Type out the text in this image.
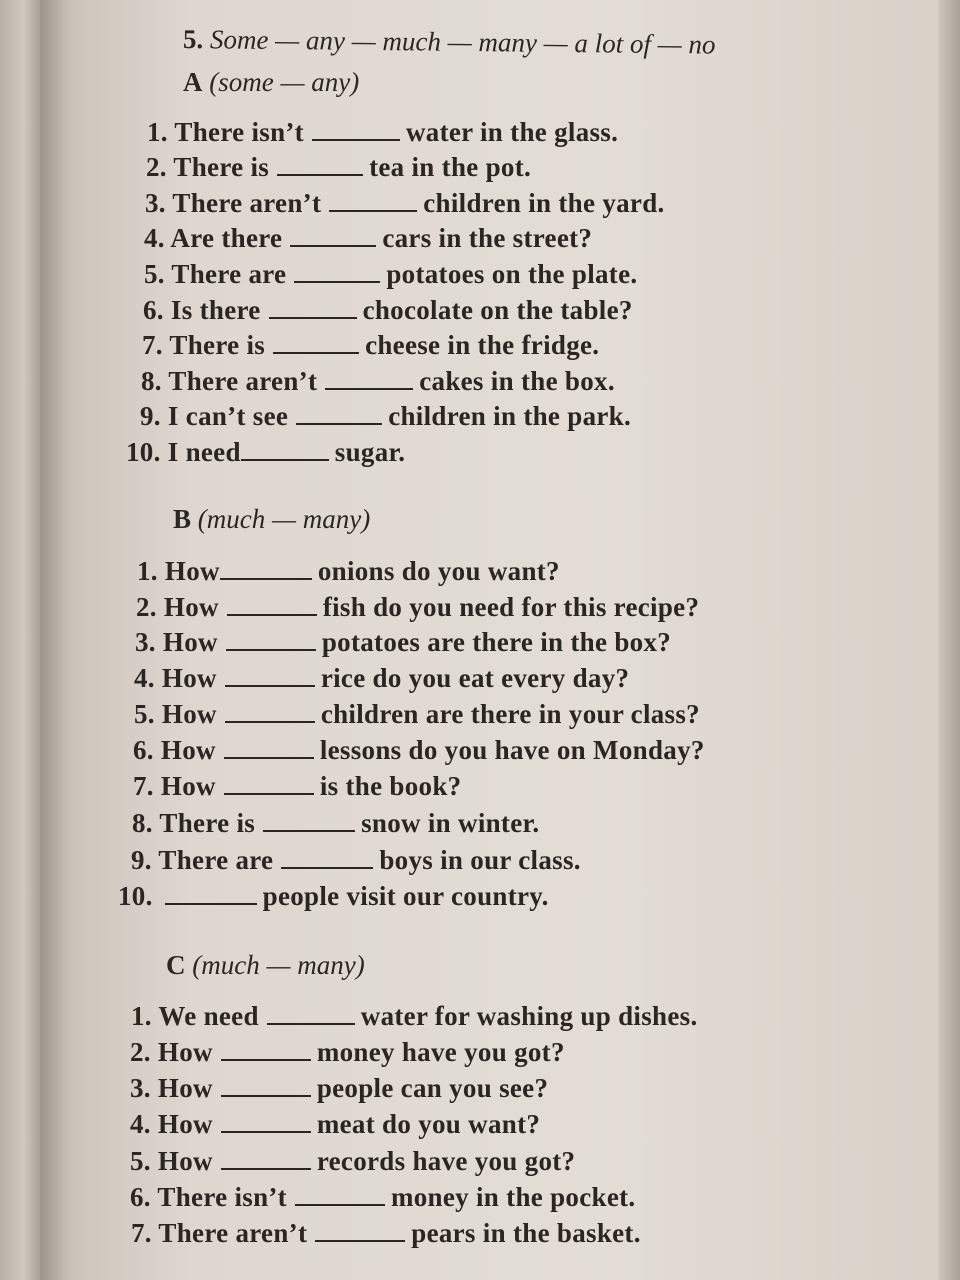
5. Some — any — much — many — a lot of — no
A (some — any)
1. There isn’t	water in the glass.
2. There is	tea in the pot.
3. There aren’t	children in the yard.
4. Are there	cars in the street?
5. There are	potatoes on the plate.
6. Is there	chocolate on the table?
7. There is	cheese in the fridge.
8. There aren’t	cakes in the box.
9. I can’t see	children in the park.
10. I need	sugar.
B (much — many)
1. How	onions do you want?
2. How	fish do you need for this recipe?
3. How	potatoes are there in the box?
4. How	rice do you eat every day?
5. How	children are there in your class?
6. How	lessons do you have on Monday?
7. How	is the book?
8. There is	snow in winter.
9. There are	boys in our class.
10.	people visit our country.
C (much — many)
1. We need	water for washing up dishes.
2. How	money have you got?
3. How	people can you see?
4. How	meat do you want?
5. How	records have you got?
6. There isn’t	money in the pocket.
7. There aren’t	pears in the basket.
